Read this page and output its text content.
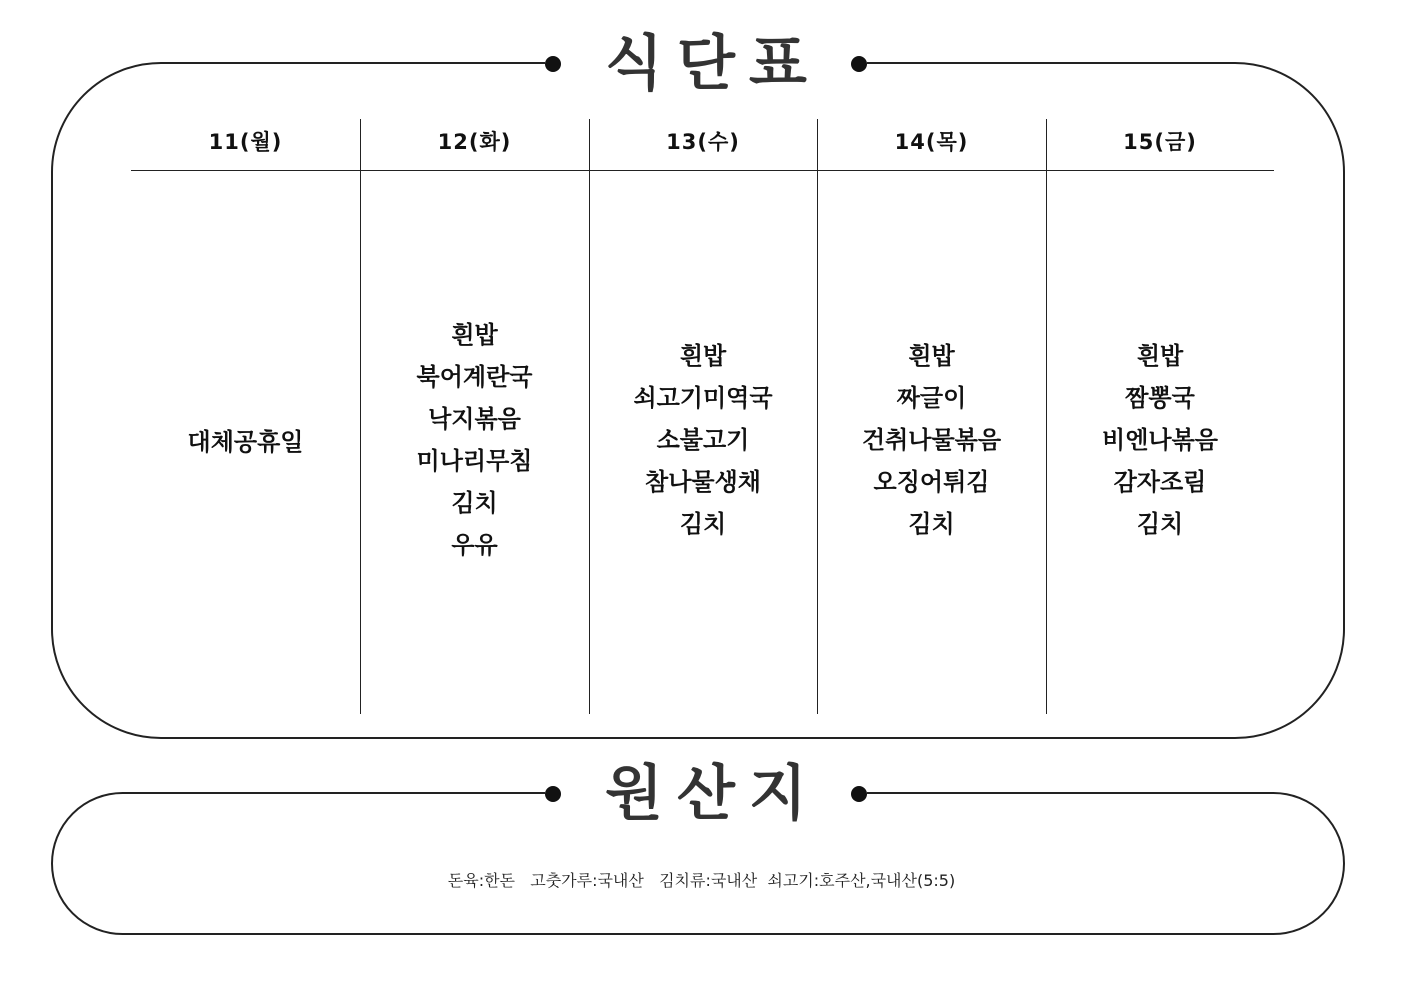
식단표
11(월)
대체공휴일
12(화)
흰밥
북어계란국
낙지볶음
미나리무침
김치
우유
13(수)
흰밥
쇠고기미역국
소불고기
참나물생채
김치
14(목)
흰밥
짜글이
건취나물볶음
오징어튀김
김치
15(금)
흰밥
짬뽕국
비엔나볶음
감자조림
김치
원산지
돈육:한돈   고춧가루:국내산   김치류:국내산  쇠고기:호주산,국내산(5:5)
